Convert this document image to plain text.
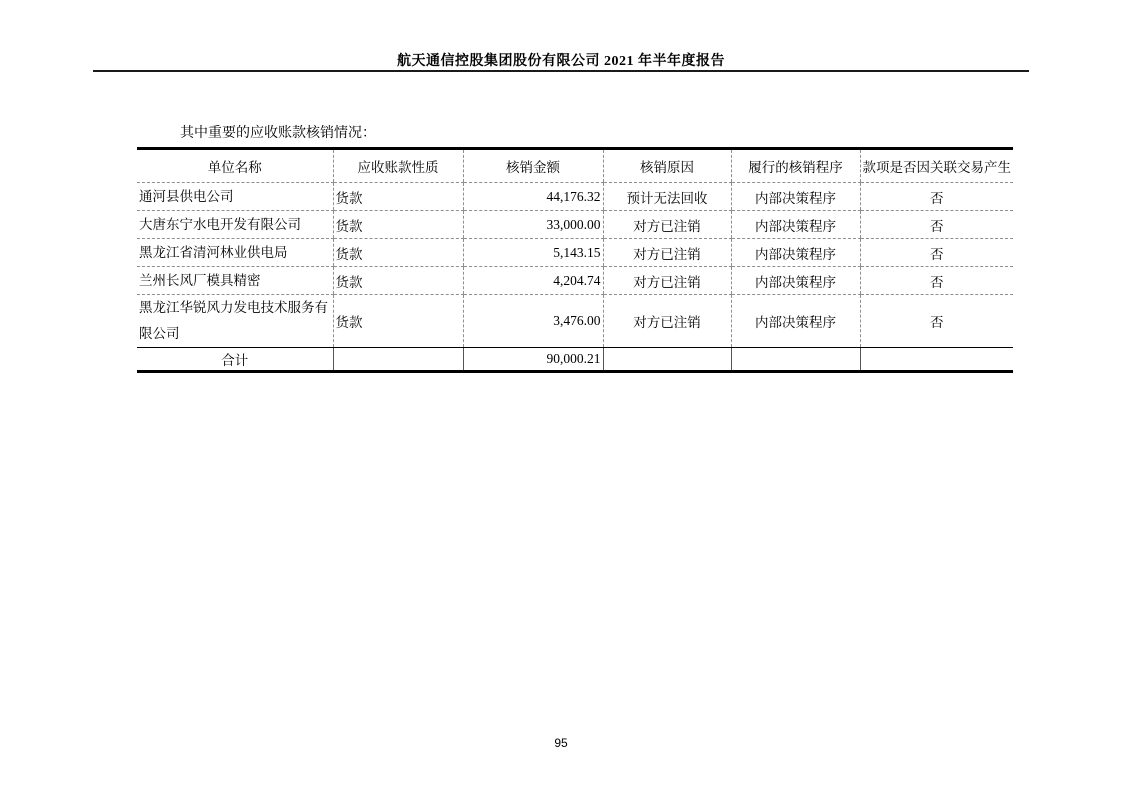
航天通信控股集团股份有限公司 2021 年半年度报告
其中重要的应收账款核销情况：
单位名称	应收账款性质	核销金额	核销原因	履行的核销程序	款项是否因关联交易产生
通河县供电公司	货款	44,176.32	预计无法回收	内部决策程序	否
大唐东宁水电开发有限公司	货款	33,000.00	对方已注销	内部决策程序	否
黑龙江省清河林业供电局	货款	5,143.15	对方已注销	内部决策程序	否
兰州长风厂模具精密	货款	4,204.74	对方已注销	内部决策程序	否
黑龙江华锐风力发电技术服务有限公司	货款	3,476.00	对方已注销	内部决策程序	否
合计		90,000.21			
95
